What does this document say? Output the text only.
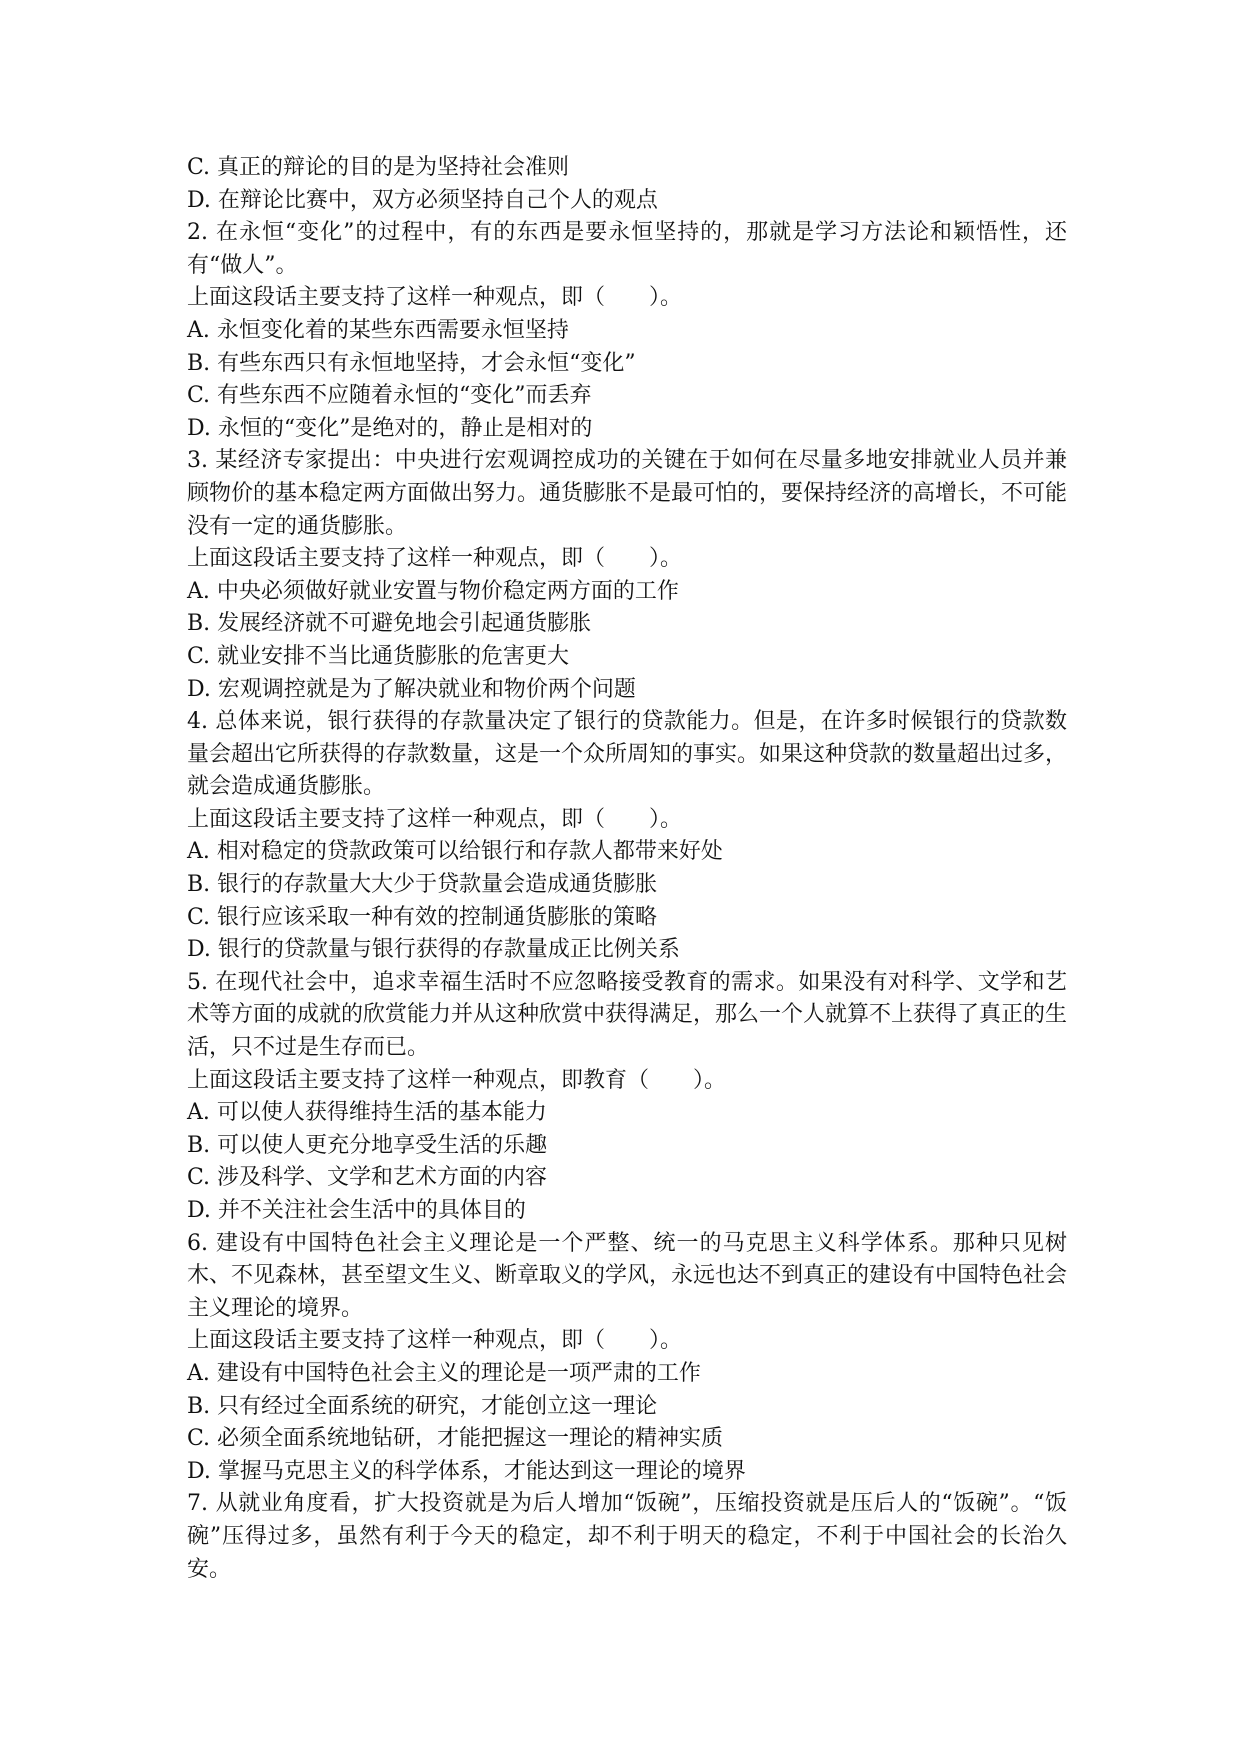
C. 真正的辩论的目的是为坚持社会准则

D. 在辩论比赛中，双方必须坚持自己个人的观点

2. 在永恒“变化”的过程中，有的东西是要永恒坚持的，那就是学习方法论和颖悟性，还有“做人”。

上面这段话主要支持了这样一种观点，即（　　）。

A. 永恒变化着的某些东西需要永恒坚持

B. 有些东西只有永恒地坚持，才会永恒“变化”

C. 有些东西不应随着永恒的“变化”而丢弃

D. 永恒的“变化”是绝对的，静止是相对的

3. 某经济专家提出：中央进行宏观调控成功的关键在于如何在尽量多地安排就业人员并兼顾物价的基本稳定两方面做出努力。通货膨胀不是最可怕的，要保持经济的高增长，不可能没有一定的通货膨胀。

上面这段话主要支持了这样一种观点，即（　　）。

A. 中央必须做好就业安置与物价稳定两方面的工作

B. 发展经济就不可避免地会引起通货膨胀

C. 就业安排不当比通货膨胀的危害更大

D. 宏观调控就是为了解决就业和物价两个问题

4. 总体来说，银行获得的存款量决定了银行的贷款能力。但是，在许多时候银行的贷款数量会超出它所获得的存款数量，这是一个众所周知的事实。如果这种贷款的数量超出过多，就会造成通货膨胀。

上面这段话主要支持了这样一种观点，即（　　）。

A. 相对稳定的贷款政策可以给银行和存款人都带来好处

B. 银行的存款量大大少于贷款量会造成通货膨胀

C. 银行应该采取一种有效的控制通货膨胀的策略

D. 银行的贷款量与银行获得的存款量成正比例关系

5. 在现代社会中，追求幸福生活时不应忽略接受教育的需求。如果没有对科学、文学和艺术等方面的成就的欣赏能力并从这种欣赏中获得满足，那么一个人就算不上获得了真正的生活，只不过是生存而已。

上面这段话主要支持了这样一种观点，即教育（　　）。

A. 可以使人获得维持生活的基本能力

B. 可以使人更充分地享受生活的乐趣

C. 涉及科学、文学和艺术方面的内容

D. 并不关注社会生活中的具体目的

6. 建设有中国特色社会主义理论是一个严整、统一的马克思主义科学体系。那种只见树木、不见森林，甚至望文生义、断章取义的学风，永远也达不到真正的建设有中国特色社会主义理论的境界。

上面这段话主要支持了这样一种观点，即（　　）。

A. 建设有中国特色社会主义的理论是一项严肃的工作

B. 只有经过全面系统的研究，才能创立这一理论

C. 必须全面系统地钻研，才能把握这一理论的精神实质

D. 掌握马克思主义的科学体系，才能达到这一理论的境界

7. 从就业角度看，扩大投资就是为后人增加“饭碗”，压缩投资就是压后人的“饭碗”。“饭碗”压得过多，虽然有利于今天的稳定，却不利于明天的稳定，不利于中国社会的长治久安。
